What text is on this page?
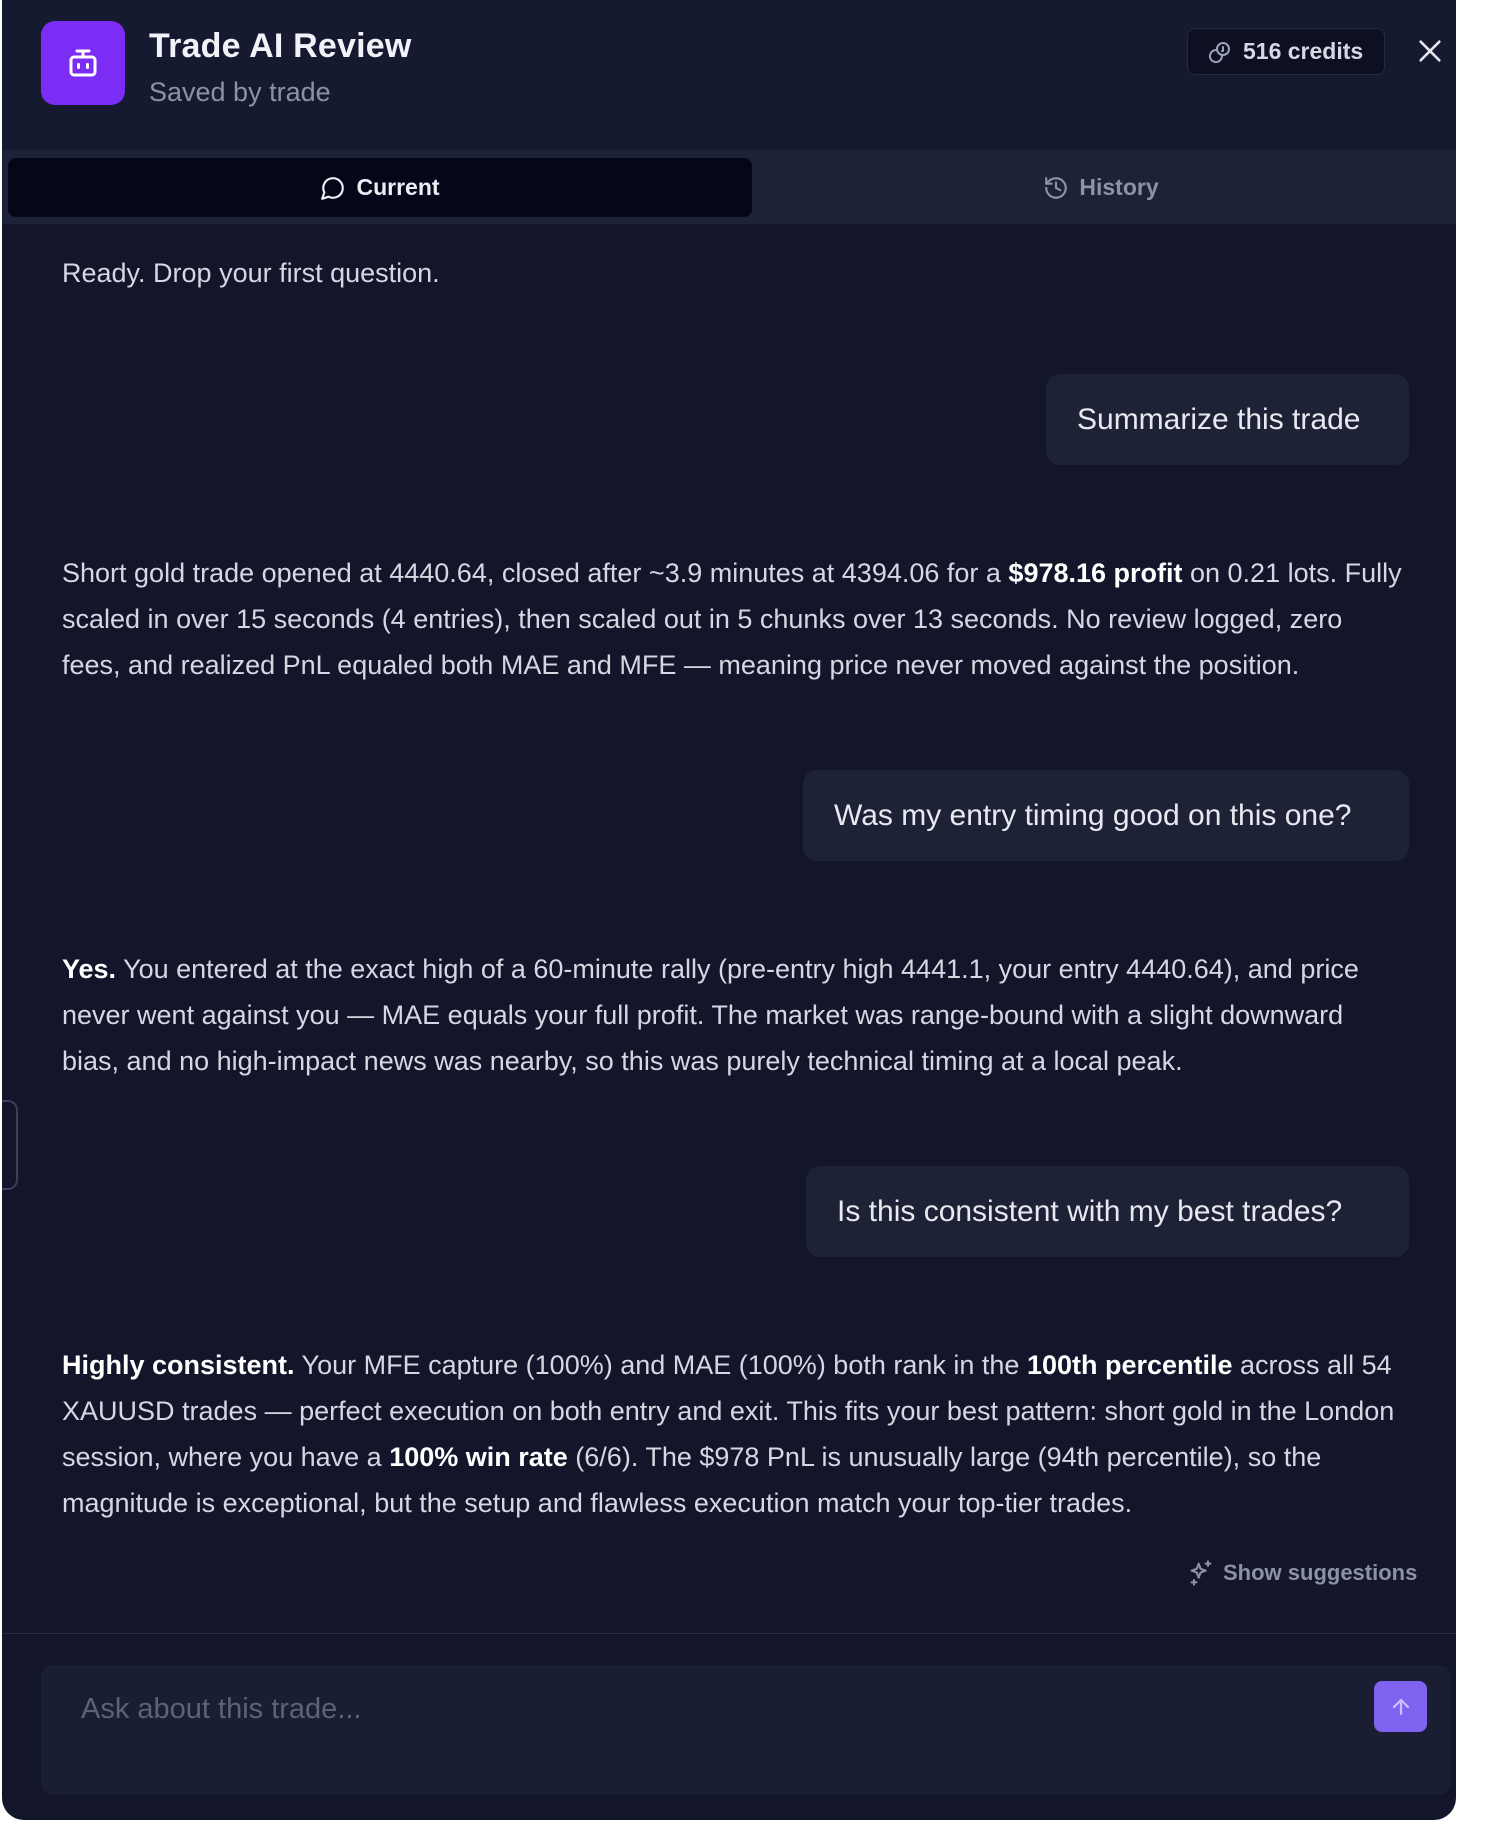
Trade AI Review
Saved by trade
516 credits
Current	History
Ready. Drop your first question.
Summarize this trade
Short gold trade opened at 4440.64, closed after ~3.9 minutes at 4394.06 for a $978.16 profit on 0.21 lots. Fully scaled in over 15 seconds (4 entries), then scaled out in 5 chunks over 13 seconds. No review logged, zero fees, and realized PnL equaled both MAE and MFE — meaning price never moved against the position.
Was my entry timing good on this one?
Yes. You entered at the exact high of a 60-minute rally (pre-entry high 4441.1, your entry 4440.64), and price never went against you — MAE equals your full profit. The market was range-bound with a slight downward bias, and no high-impact news was nearby, so this was purely technical timing at a local peak.
Is this consistent with my best trades?
Highly consistent. Your MFE capture (100%) and MAE (100%) both rank in the 100th percentile across all 54 XAUUSD trades — perfect execution on both entry and exit. This fits your best pattern: short gold in the London session, where you have a 100% win rate (6/6). The $978 PnL is unusually large (94th percentile), so the magnitude is exceptional, but the setup and flawless execution match your top-tier trades.
Show suggestions
Ask about this trade...
